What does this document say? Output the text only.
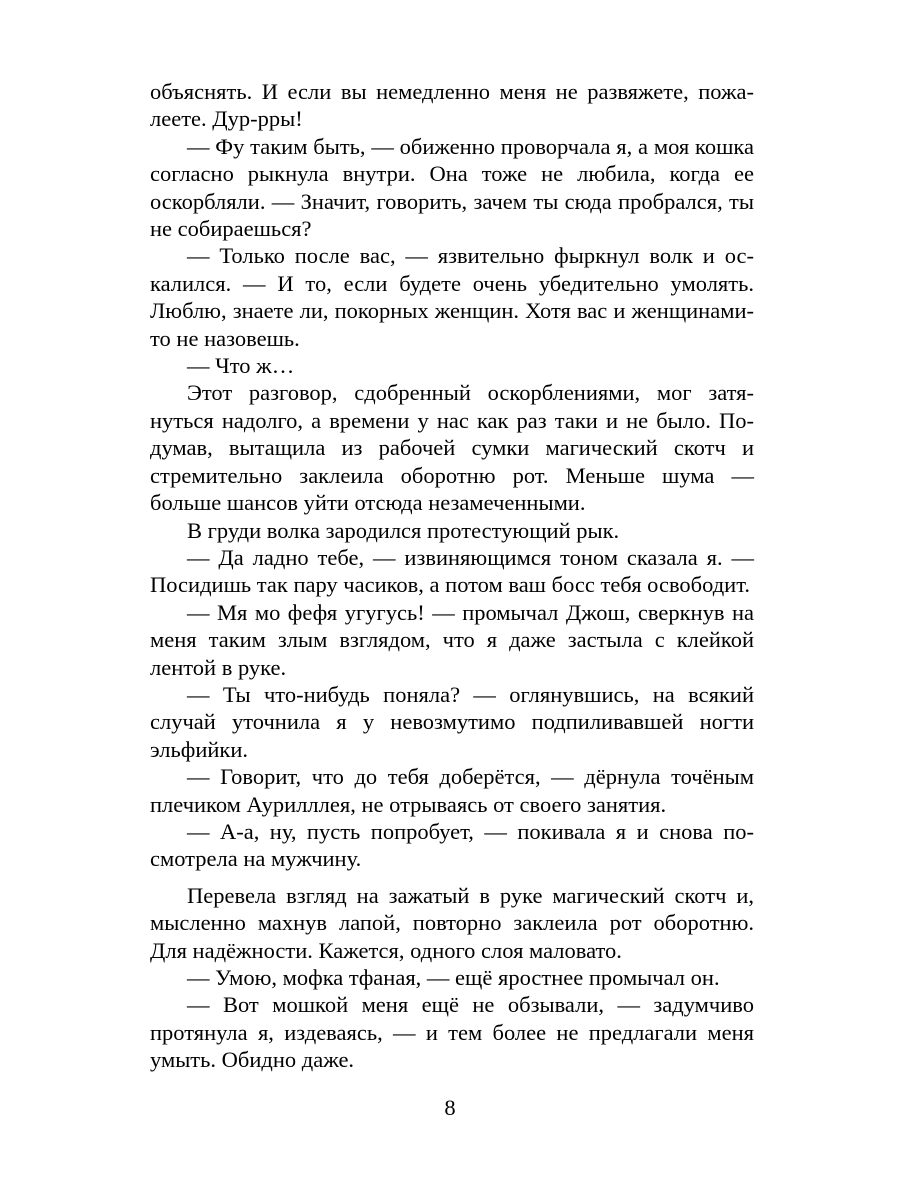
объяснять. И если вы немедленно меня не развяжете, пожалеете. Дур-рры!

— Фу таким быть, — обиженно проворчала я, а моя кошка согласно рыкнула внутри. Она тоже не любила, когда ее оскорбляли. — Значит, говорить, зачем ты сюда пробрался, ты не собираешься?

— Только после вас, — язвительно фыркнул волк и оскалился. — И то, если будете очень убедительно умолять. Люблю, знаете ли, покорных женщин. Хотя вас и женщинами-то не назовешь.

— Что ж…

Этот разговор, сдобренный оскорблениями, мог затянуться надолго, а времени у нас как раз таки и не было. Подумав, вытащила из рабочей сумки магический скотч и стремительно заклеила оборотню рот. Меньше шума — больше шансов уйти отсюда незамеченными.

В груди волка зародился протестующий рык.

— Да ладно тебе, — извиняющимся тоном сказала я. — Посидишь так пару часиков, а потом ваш босс тебя освободит.

— Мя мо фефя угугусь! — промычал Джош, сверкнув на меня таким злым взглядом, что я даже застыла с клейкой лентой в руке.

— Ты что-нибудь поняла? — оглянувшись, на всякий случай уточнила я у невозмутимо подпиливавшей ногти эльфийки.

— Говорит, что до тебя доберётся, — дёрнула точёным плечиком Аурилллея, не отрываясь от своего занятия.

— А-а, ну, пусть попробует, — покивала я и снова посмотрела на мужчину.

Перевела взгляд на зажатый в руке магический скотч и, мысленно махнув лапой, повторно заклеила рот оборотню. Для надёжности. Кажется, одного слоя маловато.

— Умою, мофка тфаная, — ещё яростнее промычал он.

— Вот мошкой меня ещё не обзывали, — задумчиво протянула я, издеваясь, — и тем более не предлагали меня умыть. Обидно даже.

8
